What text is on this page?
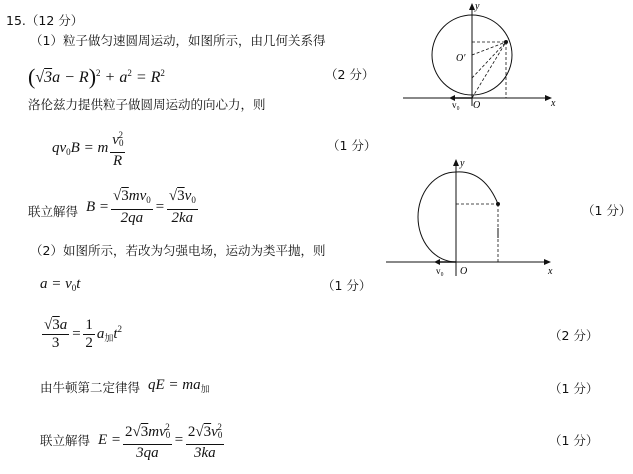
15.（12 分）
（1）粒子做匀速圆周运动，如图所示，由几何关系得
$(√3a - R)^2 + a^2 = R^2$	（2 分）
洛伦兹力提供粒子做圆周运动的向心力，则
$qv_0B = m \frac{v_0^2}{R}$	（1 分）
联立解得 $B = \frac{√3mv_0}{2qa} = \frac{√3v_0}{2ka}$
（2）如图所示，若改为匀强电场，运动为类平抛，则
$a = v_0t$	（1 分）
$\frac{√3a}{3} = \frac{1}{2} a_加t^2$	（2 分）
由牛顿第二定律得 qE = $ma_加$	（1 分）
联立解得 $E = \frac{2√3mv_0^2}{3qa} = \frac{2√3v_0^2}{3ka}$	（1 分）
y
x
O
O′
v₀
y
x
O
v₀
（1 分）
